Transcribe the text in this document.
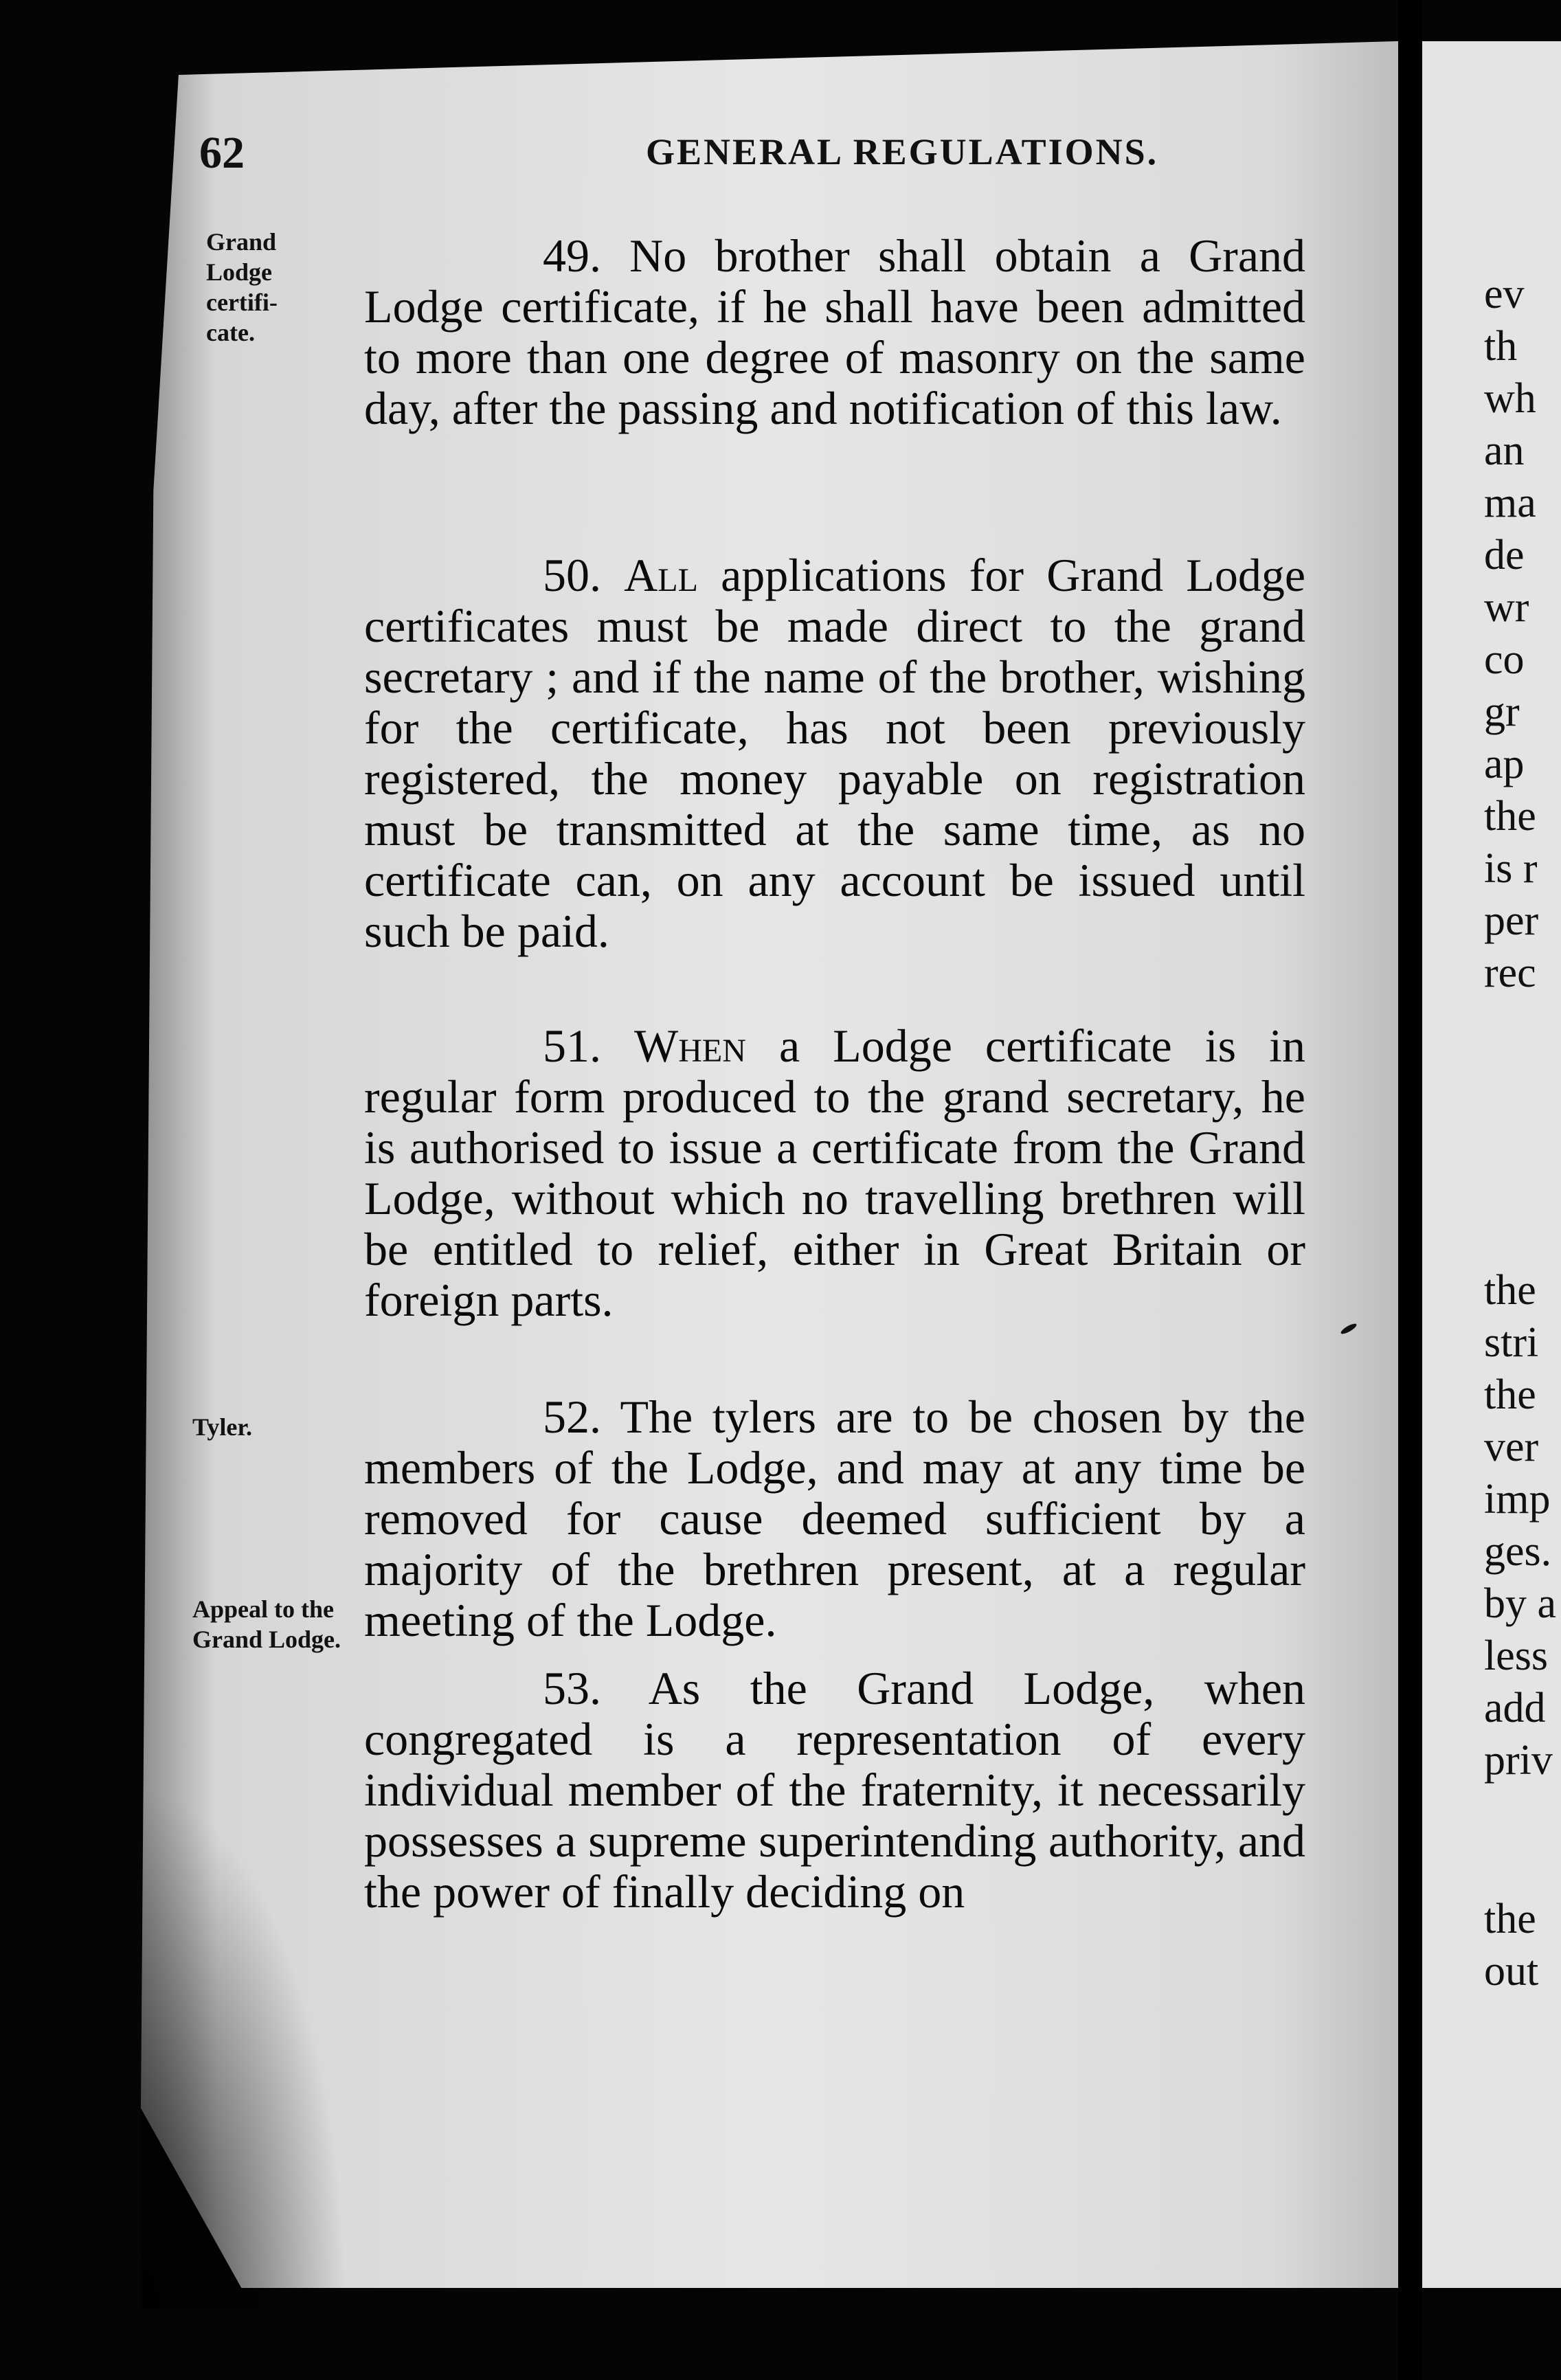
62	GENERAL REGULATIONS.
Grand Lodge certifi- cate.
Tyler.
Appeal to the Grand Lodge.

49. No brother shall obtain a Grand Lodge certificate, if he shall have been admitted to more than one degree of masonry on the same day, after the passing and notification of this law.

50. All applications for Grand Lodge certificates must be made direct to the grand secretary ; and if the name of the brother, wishing for the certificate, has not been previously registered, the money payable on registration must be transmitted at the same time, as no certificate can, on any account be issued until such be paid.

51. When a Lodge certificate is in regular form produced to the grand secretary, he is authorised to issue a certificate from the Grand Lodge, without which no travelling brethren will be entitled to relief, either in Great Britain or foreign parts.

52. The tylers are to be chosen by the members of the Lodge, and may at any time be removed for cause deemed sufficient by a majority of the brethren present, at a regular meeting of the Lodge.

53. As the Grand Lodge, when congregated is a representation of every individual member of the fraternity, it necessarily possesses a supreme superintending authority, and the power of finally deciding on

ev
th
wh
an
ma
de
wr
co
gr
ap
the
is r
per
rec
the
stri
the
ver
imp
ges.
by a
less
add
priv
the
out
